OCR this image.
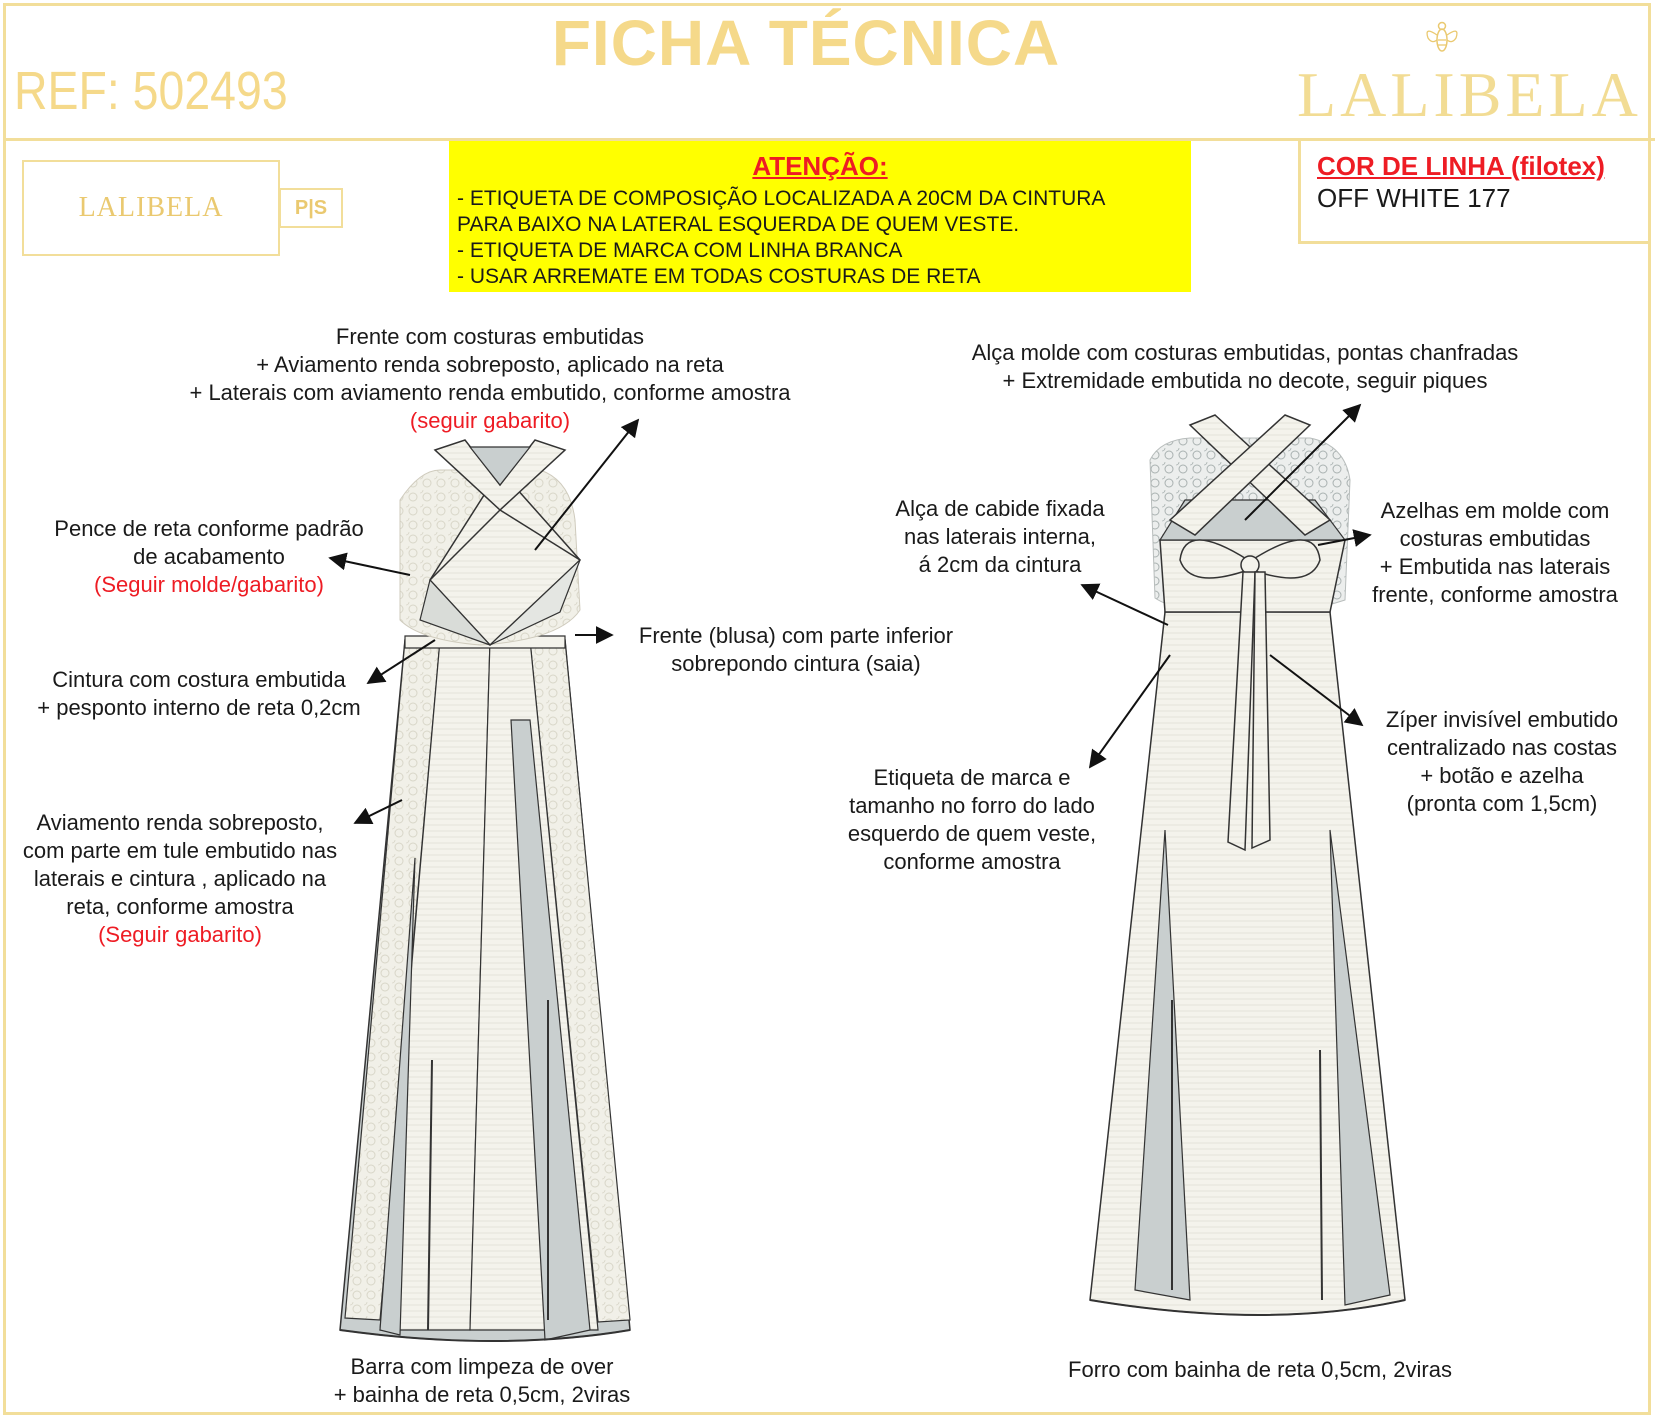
FICHA TÉCNICA
REF: 502493	LALIBELA
LALIBELA	P|S
ATENÇÃO:
- ETIQUETA DE COMPOSIÇÃO LOCALIZADA A 20CM DA CINTURA
PARA BAIXO NA LATERAL ESQUERDA DE QUEM VESTE.
- ETIQUETA DE MARCA COM LINHA BRANCA
- USAR ARREMATE EM TODAS COSTURAS DE RETA
COR DE LINHA (filotex)
OFF WHITE 177
Frente com costuras embutidas
+ Aviamento renda sobreposto, aplicado na reta
+ Laterais com aviamento renda embutido, conforme amostra
(seguir gabarito)
Pence de reta conforme padrão
de acabamento
(Seguir molde/gabarito)
Frente (blusa) com parte inferior
sobrepondo cintura (saia)
Cintura com costura embutida
+ pesponto interno de reta 0,2cm
Aviamento renda sobreposto,
com parte em tule embutido nas
laterais e cintura , aplicado na
reta, conforme amostra
(Seguir gabarito)
Barra com limpeza de over
+ bainha de reta 0,5cm, 2viras
Alça molde com costuras embutidas, pontas chanfradas
+ Extremidade embutida no decote, seguir piques
Alça de cabide fixada
nas laterais interna,
á 2cm da cintura
Azelhas em molde com
costuras embutidas
+ Embutida nas laterais
frente, conforme amostra
Etiqueta de marca e
tamanho no forro do lado
esquerdo de quem veste,
conforme amostra
Zíper invisível embutido
centralizado nas costas
+ botão e azelha
(pronta com 1,5cm)
Forro com bainha de reta 0,5cm, 2viras
